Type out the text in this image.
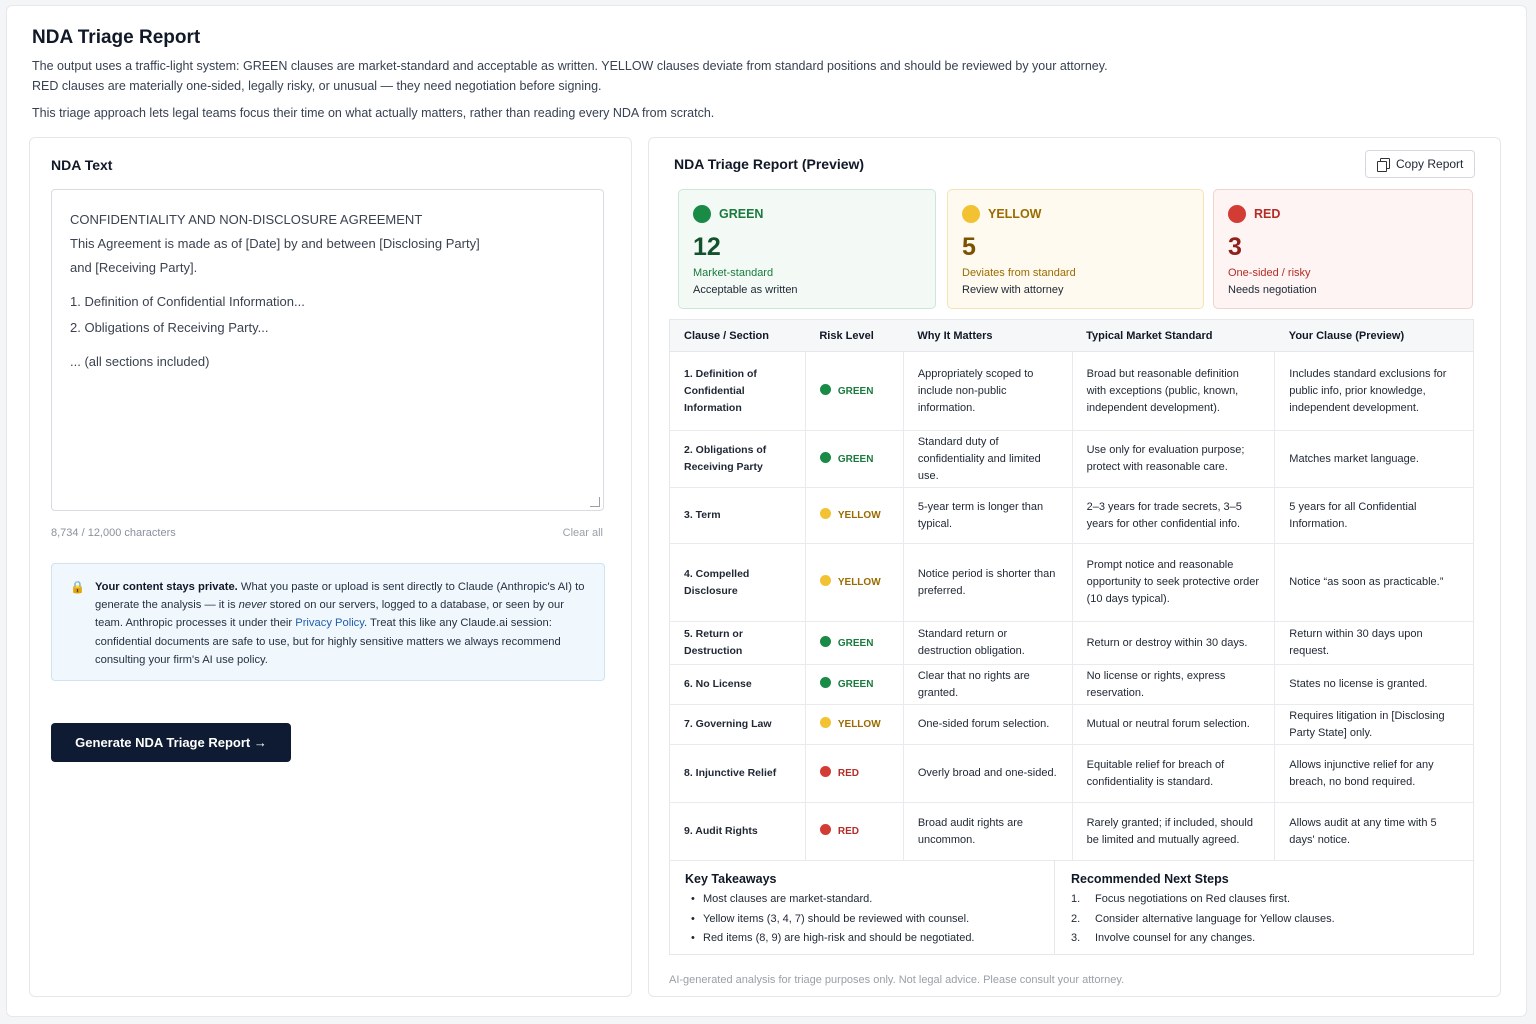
NDA Triage Report
The output uses a traffic-light system: GREEN clauses are market-standard and acceptable as written. YELLOW clauses deviate from standard positions and should be reviewed by your attorney.
RED clauses are materially one-sided, legally risky, or unusual — they need negotiation before signing.
This triage approach lets legal teams focus their time on what actually matters, rather than reading every NDA from scratch.
NDA Text
CONFIDENTIALITY AND NON-DISCLOSURE AGREEMENT
This Agreement is made as of [Date] by and between [Disclosing Party]
and [Receiving Party].
1. Definition of Confidential Information...
2. Obligations of Receiving Party...
... (all sections included)
8,734 / 12,000 characters	Clear all
🔒 Your content stays private. What you paste or upload is sent directly to Claude (Anthropic's AI) to generate the analysis — it is never stored on our servers, logged to a database, or seen by our team. Anthropic processes it under their Privacy Policy. Treat this like any Claude.ai session: confidential documents are safe to use, but for highly sensitive matters we always recommend consulting your firm's AI use policy.
Generate NDA Triage Report →
NDA Triage Report (Preview)	Copy Report
GREEN
12
Market-standard
Acceptable as written
YELLOW
5
Deviates from standard
Review with attorney
RED
3
One-sided / risky
Needs negotiation
Clause / Section	Risk Level	Why It Matters	Typical Market Standard	Your Clause (Preview)
1. Definition of Confidential Information	GREEN	Appropriately scoped to include non-public information.	Broad but reasonable definition with exceptions (public, known, independent development).	Includes standard exclusions for public info, prior knowledge, independent development.
2. Obligations of Receiving Party	GREEN	Standard duty of confidentiality and limited use.	Use only for evaluation purpose; protect with reasonable care.	Matches market language.
3. Term	YELLOW	5-year term is longer than typical.	2–3 years for trade secrets, 3–5 years for other confidential info.	5 years for all Confidential Information.
4. Compelled Disclosure	YELLOW	Notice period is shorter than preferred.	Prompt notice and reasonable opportunity to seek protective order (10 days typical).	Notice “as soon as practicable.”
5. Return or Destruction	GREEN	Standard return or destruction obligation.	Return or destroy within 30 days.	Return within 30 days upon request.
6. No License	GREEN	Clear that no rights are granted.	No license or rights, express reservation.	States no license is granted.
7. Governing Law	YELLOW	One-sided forum selection.	Mutual or neutral forum selection.	Requires litigation in [Disclosing Party State] only.
8. Injunctive Relief	RED	Overly broad and one-sided.	Equitable relief for breach of confidentiality is standard.	Allows injunctive relief for any breach, no bond required.
9. Audit Rights	RED	Broad audit rights are uncommon.	Rarely granted; if included, should be limited and mutually agreed.	Allows audit at any time with 5 days' notice.
Key Takeaways
• Most clauses are market-standard.
• Yellow items (3, 4, 7) should be reviewed with counsel.
• Red items (8, 9) are high-risk and should be negotiated.
Recommended Next Steps
1. Focus negotiations on Red clauses first.
2. Consider alternative language for Yellow clauses.
3. Involve counsel for any changes.
AI-generated analysis for triage purposes only. Not legal advice. Please consult your attorney.
